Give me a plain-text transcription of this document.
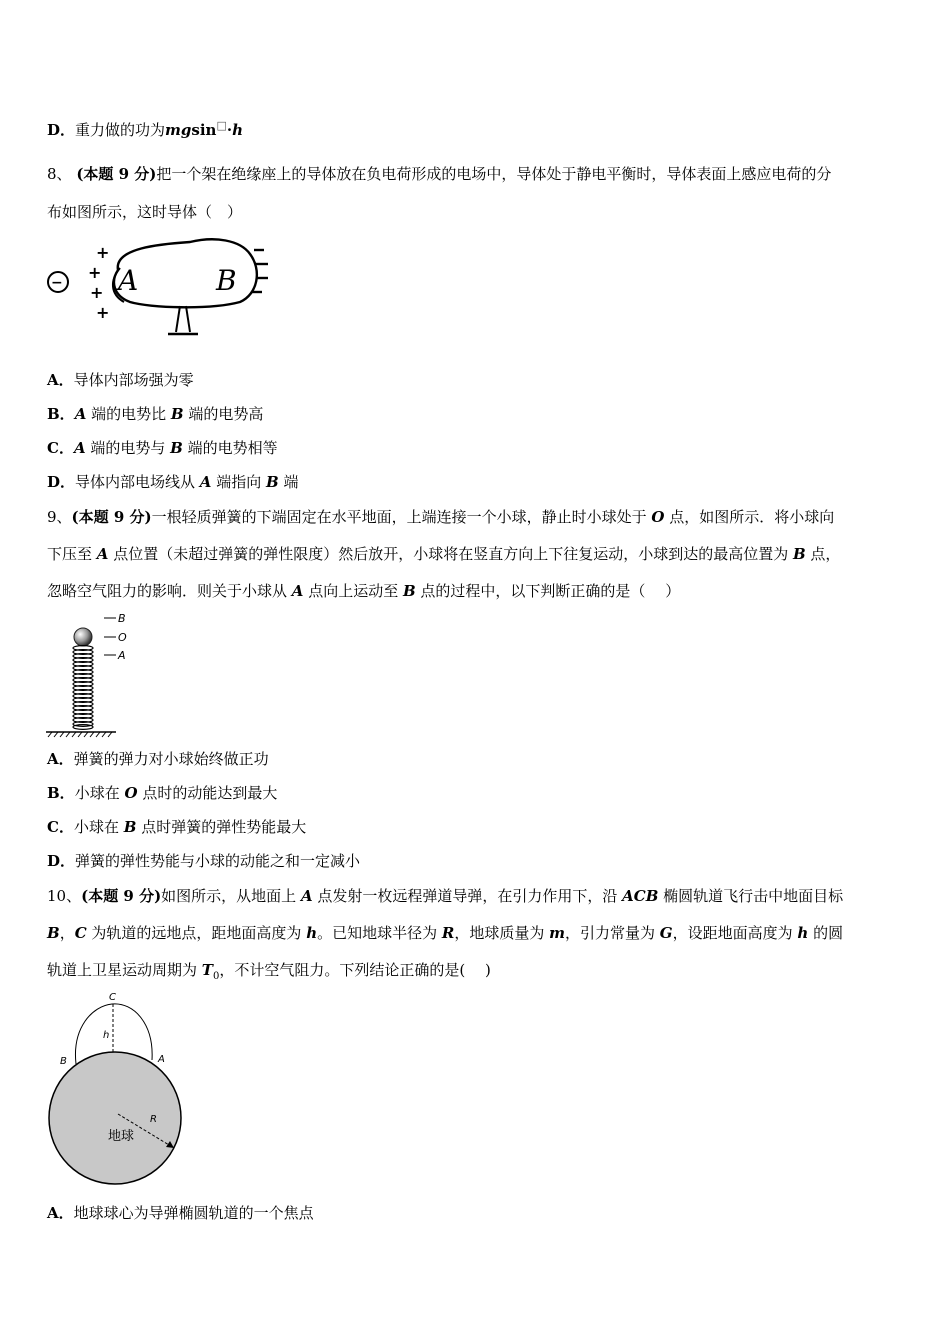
D．重力做的功为mgsin□·h
8、 (本题 9 分)把一个架在绝缘座上的导体放在负电荷形成的电场中，导体处于静电平衡时，导体表面上感应电荷的分
布如图所示，这时导体（　）
−
+
+
+
+
A	B
A．导体内部场强为零
B．A 端的电势比 B 端的电势高
C．A 端的电势与 B 端的电势相等
D．导体内部电场线从 A 端指向 B 端
9、(本题 9 分)一根轻质弹簧的下端固定在水平地面，上端连接一个小球，静止时小球处于 O 点，如图所示．将小球向
下压至 A 点位置（未超过弹簧的弹性限度）然后放开，小球将在竖直方向上下往复运动，小球到达的最高位置为 B 点，
忽略空气阻力的影响．则关于小球从 A 点向上运动至 B 点的过程中，以下判断正确的是（　 ）
B
O
A
A．弹簧的弹力对小球始终做正功
B．小球在 O 点时的动能达到最大
C．小球在 B 点时弹簧的弹性势能最大
D．弹簧的弹性势能与小球的动能之和一定减小
10、(本题 9 分)如图所示，从地面上 A 点发射一枚远程弹道导弹，在引力作用下，沿 ACB 椭圆轨道飞行击中地面目标
B，C 为轨道的远地点，距地面高度为 h。已知地球半径为 R，地球质量为 m，引力常量为 G，设距地面高度为 h 的圆
轨道上卫星运动周期为 $T_0$，不计空气阻力。下列结论正确的是(　 )
C
h
B	A
R
地球
A．地球球心为导弹椭圆轨道的一个焦点
